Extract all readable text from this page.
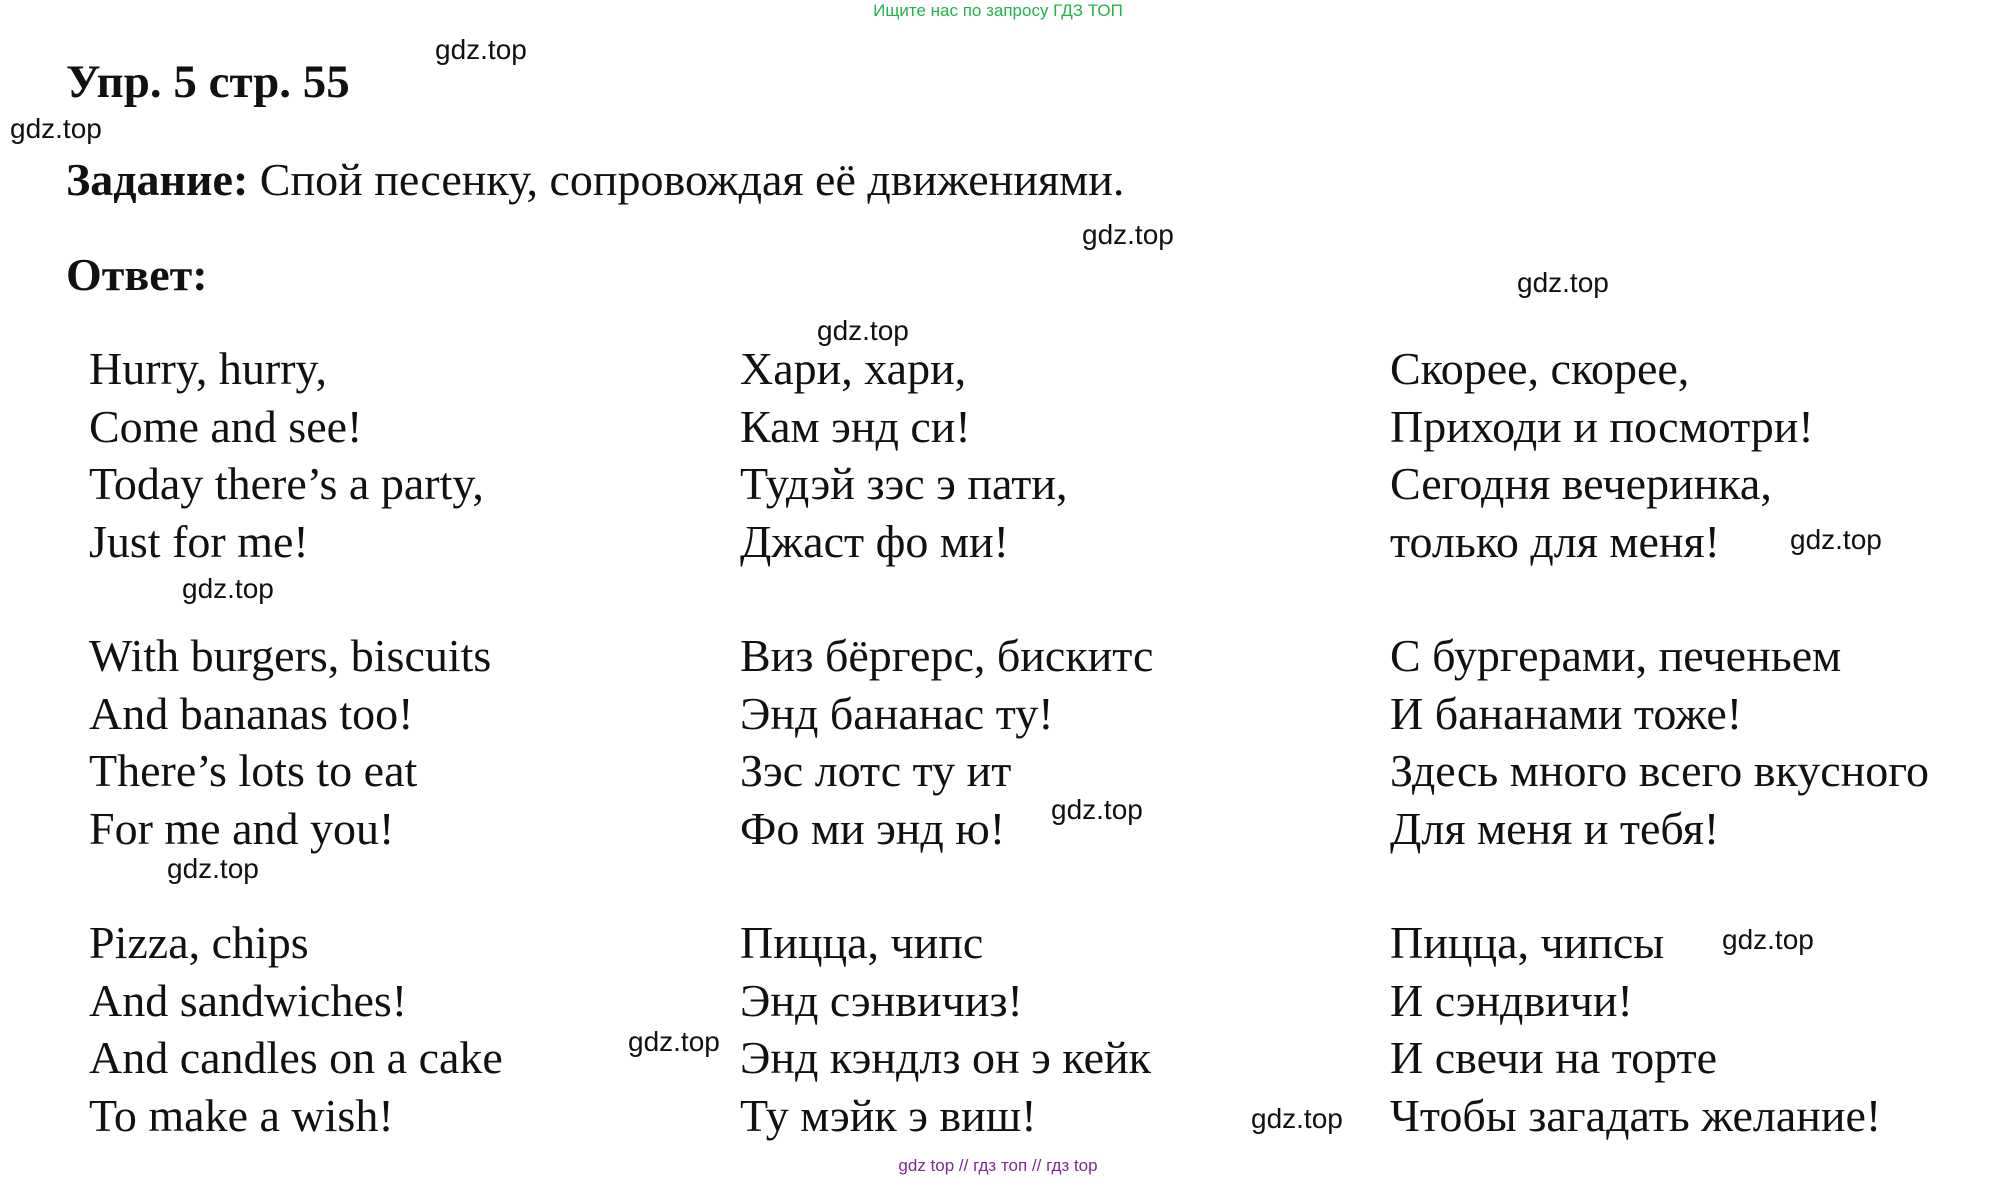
Ищите нас по запросу ГДЗ ТОП
Упр. 5 стр. 55
Задание: Спой песенку, сопровождая её движениями.
Ответ:
Hurry, hurry,
Come and see!
Today there’s a party,
Just for me!
With burgers, biscuits
And bananas too!
There’s lots to eat
For me and you!
Pizza, chips
And sandwiches!
And candles on a cake
To make a wish!
Хари, хари,
Кам энд си!
Тудэй зэс э пати,
Джаст фо ми!
Виз бёргерс, бискитс
Энд бананас ту!
Зэс лотс ту ит
Фо ми энд ю!
Пицца, чипс
Энд сэнвичиз!
Энд кэндлз он э кейк
Ту мэйк э виш!
Скорее, скорее,
Приходи и посмотри!
Сегодня вечеринка,
только для меня!
С бургерами, печеньем
И бананами тоже!
Здесь много всего вкусного
Для меня и тебя!
Пицца, чипсы
И сэндвичи!
И свечи на торте
Чтобы загадать желание!
gdz.top
gdz.top
gdz.top
gdz.top
gdz.top
gdz.top
gdz.top
gdz.top
gdz.top
gdz.top
gdz.top
gdz.top
gdz top // гдз топ // гдз top
